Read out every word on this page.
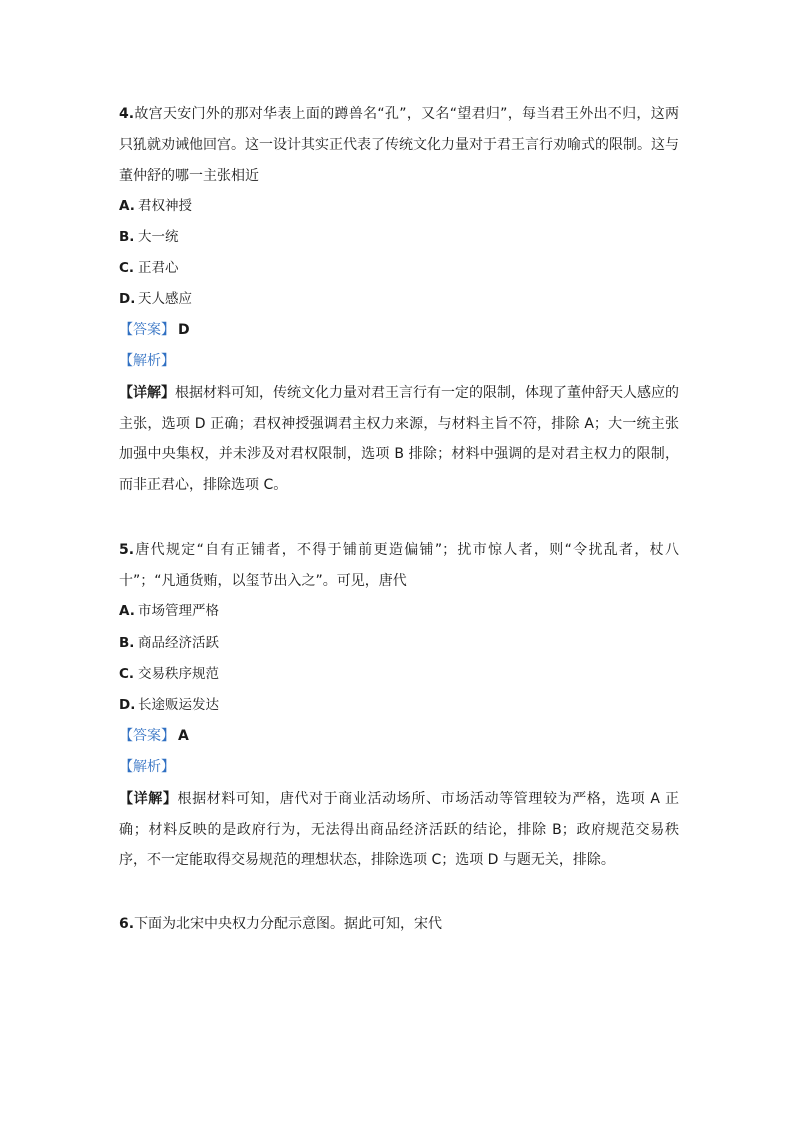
4.故宫天安门外的那对华表上面的蹲兽名“孔”，又名“望君归”，每当君王外出不归，这两只犼就劝诫他回宫。这一设计其实正代表了传统文化力量对于君王言行劝喻式的限制。这与董仲舒的哪一主张相近
A. 君权神授
B. 大一统
C. 正君心
D. 天人感应
【答案】 D
【解析】
【详解】根据材料可知，传统文化力量对君王言行有一定的限制，体现了董仲舒天人感应的主张，选项 D 正确；君权神授强调君主权力来源，与材料主旨不符，排除 A；大一统主张加强中央集权，并未涉及对君权限制，选项 B 排除；材料中强调的是对君主权力的限制，而非正君心，排除选项 C。
5.唐代规定“自有正铺者，不得于铺前更造偏铺”；扰市惊人者，则“令扰乱者，杖八十”；“凡通货贿，以玺节出入之”。可见，唐代
A. 市场管理严格
B. 商品经济活跃
C. 交易秩序规范
D. 长途贩运发达
【答案】 A
【解析】
【详解】根据材料可知，唐代对于商业活动场所、市场活动等管理较为严格，选项 A 正确；材料反映的是政府行为，无法得出商品经济活跃的结论，排除 B；政府规范交易秩序，不一定能取得交易规范的理想状态，排除选项 C；选项 D 与题无关，排除。
6.下面为北宋中央权力分配示意图。据此可知，宋代
